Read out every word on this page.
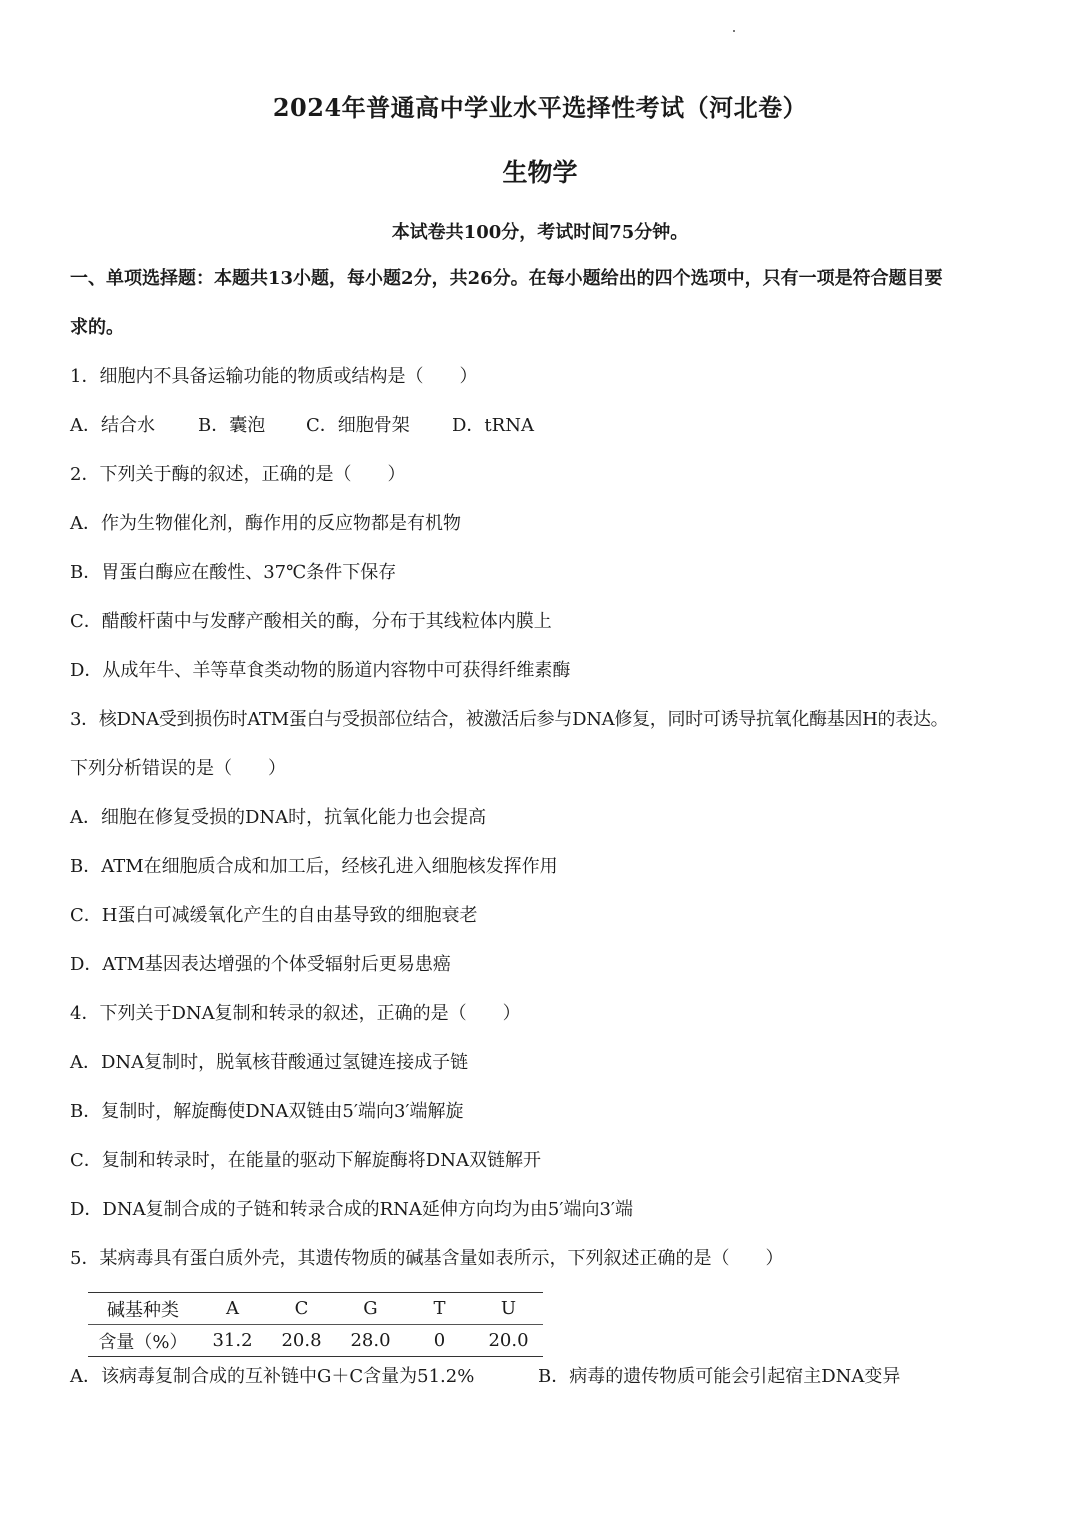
2024年普通高中学业水平选择性考试（河北卷）
生物学
本试卷共100分，考试时间75分钟。
一、单项选择题：本题共13小题，每小题2分，共26分。在每小题给出的四个选项中，只有一项是符合题目要
求的。
1．细胞内不具备运输功能的物质或结构是（　　）
A．结合水 B．囊泡 C．细胞骨架 D．tRNA
2．下列关于酶的叙述，正确的是（　　）
A．作为生物催化剂，酶作用的反应物都是有机物
B．胃蛋白酶应在酸性、37℃条件下保存
C．醋酸杆菌中与发酵产酸相关的酶，分布于其线粒体内膜上
D．从成年牛、羊等草食类动物的肠道内容物中可获得纤维素酶
3．核DNA受到损伤时ATM蛋白与受损部位结合，被激活后参与DNA修复，同时可诱导抗氧化酶基因H的表达。
下列分析错误的是（　　）
A．细胞在修复受损的DNA时，抗氧化能力也会提高
B．ATM在细胞质合成和加工后，经核孔进入细胞核发挥作用
C．H蛋白可减缓氧化产生的自由基导致的细胞衰老
D．ATM基因表达增强的个体受辐射后更易患癌
4．下列关于DNA复制和转录的叙述，正确的是（　　）
A．DNA复制时，脱氧核苷酸通过氢键连接成子链
B．复制时，解旋酶使DNA双链由5′端向3′端解旋
C．复制和转录时，在能量的驱动下解旋酶将DNA双链解开
D．DNA复制合成的子链和转录合成的RNA延伸方向均为由5′端向3′端
5．某病毒具有蛋白质外壳，其遗传物质的碱基含量如表所示，下列叙述正确的是（　　）
碱基种类	A	C	G	T	U
含量（%）	31.2	20.8	28.0	0	20.0
A．该病毒复制合成的互补链中G＋C含量为51.2%	B．病毒的遗传物质可能会引起宿主DNA变异
